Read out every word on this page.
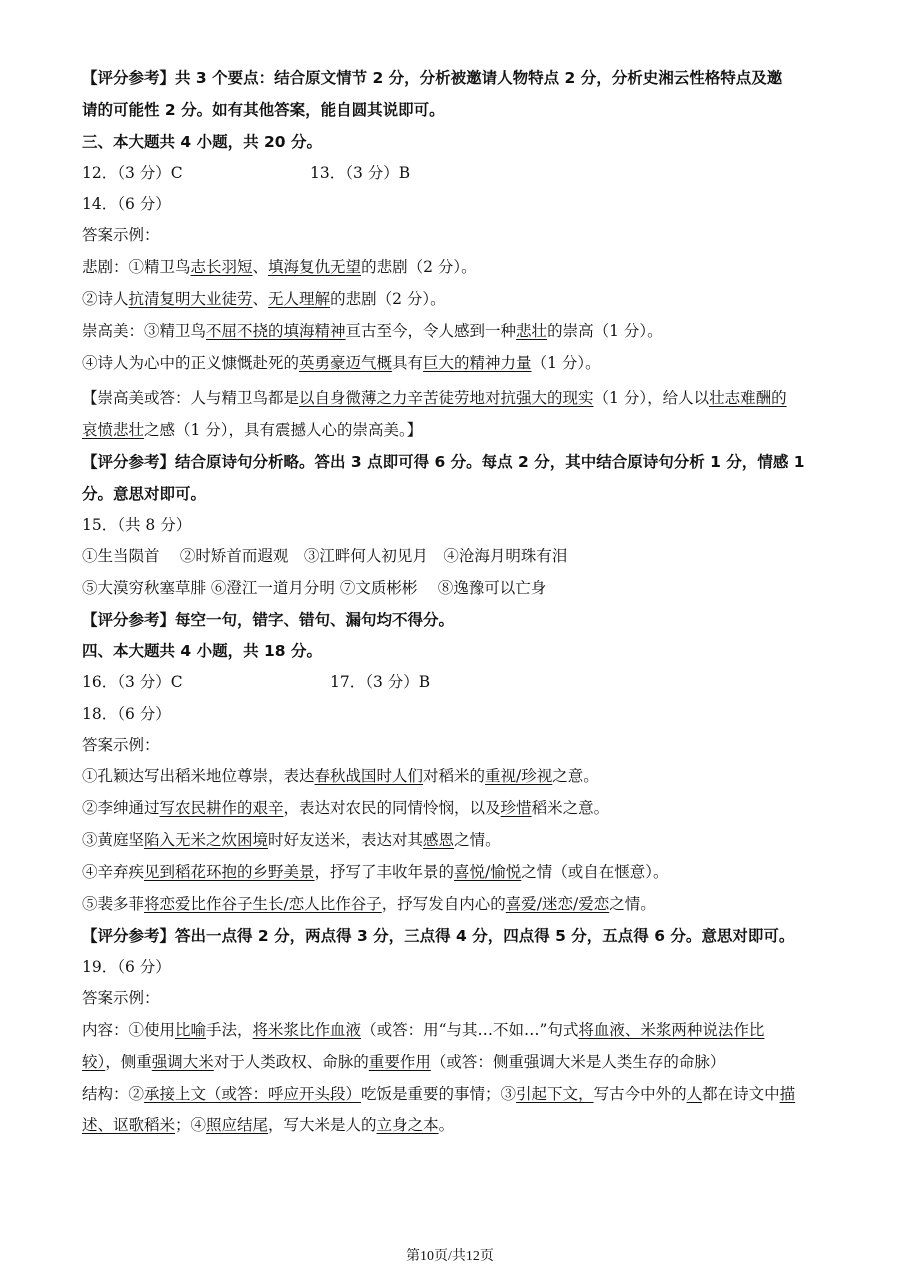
【评分参考】共 3 个要点：结合原文情节 2 分，分析被邀请人物特点 2 分，分析史湘云性格特点及邀
请的可能性 2 分。如有其他答案，能自圆其说即可。
三、本大题共 4 小题，共 20 分。
12．（3 分）C	13．（3 分）B
14．（6 分）
答案示例：
悲剧：①精卫鸟志长羽短、填海复仇无望的悲剧（2 分）。
②诗人抗清复明大业徒劳、无人理解的悲剧（2 分）。
崇高美：③精卫鸟不屈不挠的填海精神亘古至今，令人感到一种悲壮的崇高（1 分）。
④诗人为心中的正义慷慨赴死的英勇豪迈气概具有巨大的精神力量（1 分）。
【崇高美或答：人与精卫鸟都是以自身微薄之力辛苦徒劳地对抗强大的现实（1 分），给人以壮志难酬的
哀愤悲壮之感（1 分），具有震撼人心的崇高美。】
【评分参考】结合原诗句分析略。答出 3 点即可得 6 分。每点 2 分，其中结合原诗句分析 1 分，情感 1
分。意思对即可。
15．（共 8 分）
①生当陨首　 ②时矫首而遐观　③江畔何人初见月　④沧海月明珠有泪
⑤大漠穷秋塞草腓 ⑥澄江一道月分明 ⑦文质彬彬　 ⑧逸豫可以亡身
【评分参考】每空一句，错字、错句、漏句均不得分。
四、本大题共 4 小题，共 18 分。
16．（3 分）C	17．（3 分）B
18．（6 分）
答案示例：
①孔颖达写出稻米地位尊崇，表达春秋战国时人们对稻米的重视/珍视之意。
②李绅通过写农民耕作的艰辛，表达对农民的同情怜悯，以及珍惜稻米之意。
③黄庭坚陷入无米之炊困境时好友送米，表达对其感恩之情。
④辛弃疾见到稻花环抱的乡野美景，抒写了丰收年景的喜悦/愉悦之情（或自在惬意）。
⑤裴多菲将恋爱比作谷子生长/恋人比作谷子，抒写发自内心的喜爱/迷恋/爱恋之情。
【评分参考】答出一点得 2 分，两点得 3 分，三点得 4 分，四点得 5 分，五点得 6 分。意思对即可。
19．（6 分）
答案示例：
内容：①使用比喻手法，将米浆比作血液（或答：用“与其…不如…”句式将血液、米浆两种说法作比
较），侧重强调大米对于人类政权、命脉的重要作用（或答：侧重强调大米是人类生存的命脉）
结构：②承接上文（或答：呼应开头段）吃饭是重要的事情；③引起下文，写古今中外的人都在诗文中描
述、讴歌稻米；④照应结尾，写大米是人的立身之本。
第10页/共12页
